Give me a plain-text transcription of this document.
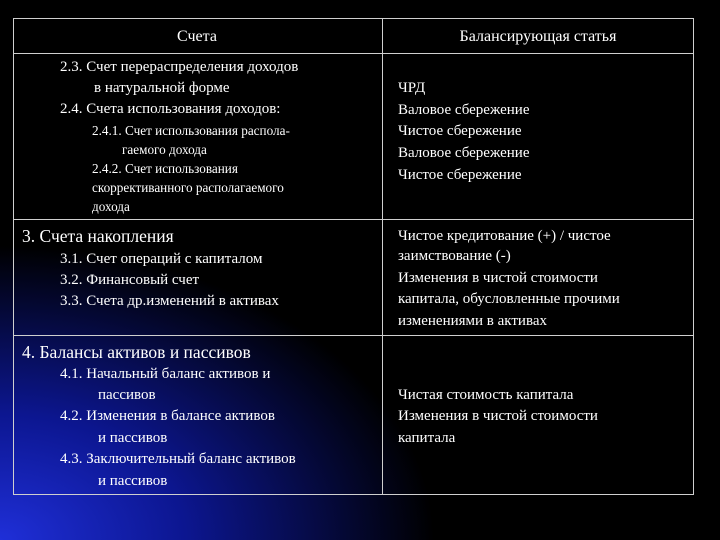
Счета	Балансирующая статья
2.3. Счет перераспределения доходов
в натуральной форме
2.4. Счета использования доходов:
2.4.1. Счет использования распола-
гаемого дохода
2.4.2. Счет использования
скоррективанного располагаемого
дохода
ЧРД
Валовое сбережение
Чистое сбережение
Валовое сбережение
Чистое сбережение
3. Счета накопления
3.1. Счет операций с капиталом
3.2. Финансовый счет
3.3. Счета др.изменений в активах
Чистое кредитование (+) / чистое
заимствование (-)
Изменения в чистой стоимости
капитала, обусловленные прочими
изменениями в активах
4. Балансы активов и пассивов
4.1. Начальный баланс активов и
пассивов
4.2. Изменения в балансе активов
и пассивов
4.3. Заключительный баланс активов
и пассивов
Чистая стоимость капитала
Изменения в чистой стоимости
капитала
